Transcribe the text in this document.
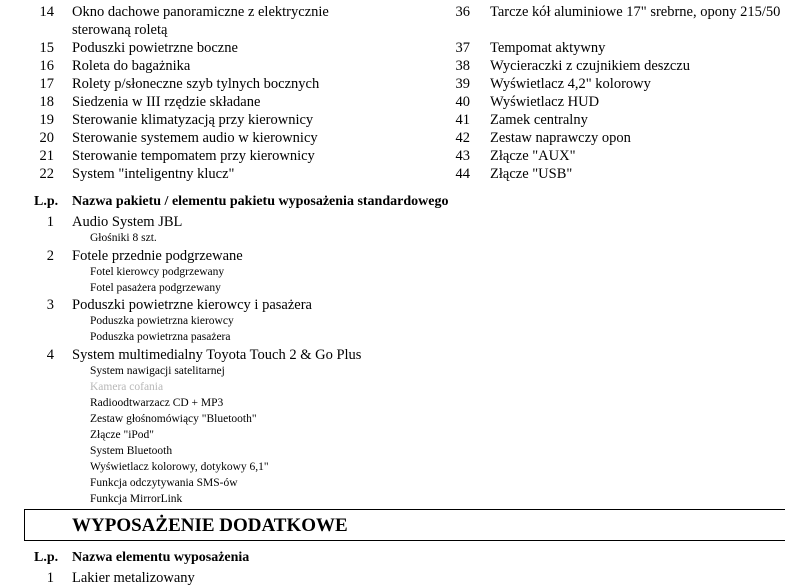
14 Okno dachowe panoramiczne z elektrycznie
sterowaną roletą
15 Poduszki powietrzne boczne
16 Roleta do bagażnika
17 Rolety p/słoneczne szyb tylnych bocznych
18 Siedzenia w III rzędzie składane
19 Sterowanie klimatyzacją przy kierownicy
20 Sterowanie systemem audio w kierownicy
21 Sterowanie tempomatem przy kierownicy
22 System "inteligentny klucz"
36 Tarcze kół aluminiowe 17" srebrne, opony 215/50
37 Tempomat aktywny
38 Wycieraczki z czujnikiem deszczu
39 Wyświetlacz 4,2" kolorowy
40 Wyświetlacz HUD
41 Zamek centralny
42 Zestaw naprawczy opon
43 Złącze "AUX"
44 Złącze "USB"
L.p. Nazwa pakietu / elementu pakietu wyposażenia standardowego
1 Audio System JBL
Głośniki 8 szt.
2 Fotele przednie podgrzewane
Fotel kierowcy podgrzewany
Fotel pasażera podgrzewany
3 Poduszki powietrzne kierowcy i pasażera
Poduszka powietrzna kierowcy
Poduszka powietrzna pasażera
4 System multimedialny Toyota Touch 2 & Go Plus
System nawigacji satelitarnej
Kamera cofania
Radioodtwarzacz CD + MP3
Zestaw głośnomówiący "Bluetooth"
Złącze "iPod"
System Bluetooth
Wyświetlacz kolorowy, dotykowy 6,1"
Funkcja odczytywania SMS-ów
Funkcja MirrorLink
WYPOSAŻENIE DODATKOWE
L.p. Nazwa elementu wyposażenia
1 Lakier metalizowany
